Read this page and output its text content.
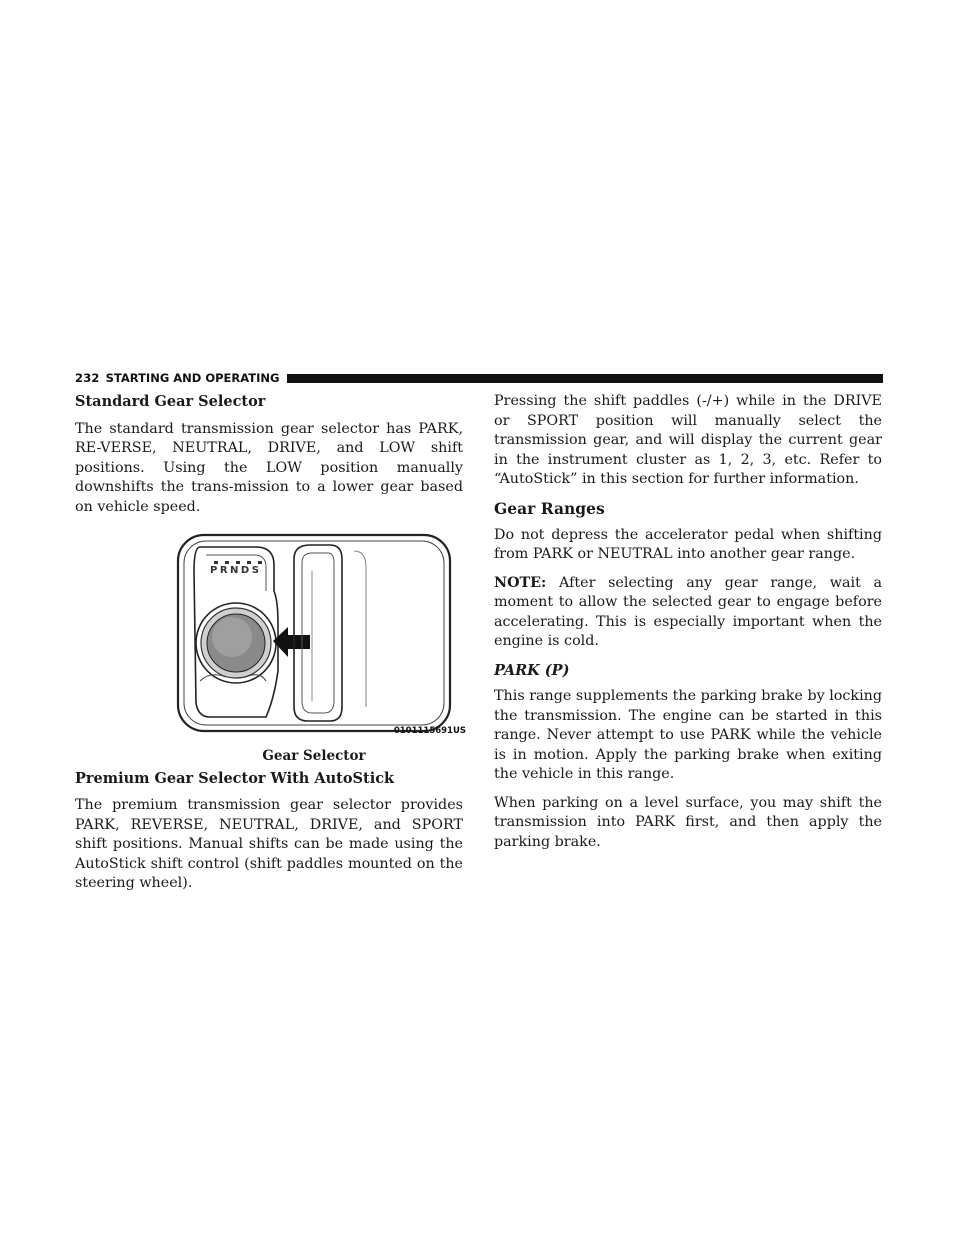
232 STARTING AND OPERATING
Standard Gear Selector

The standard transmission gear selector has PARK, RE-VERSE, NEUTRAL, DRIVE, and LOW shift positions. Using the LOW position manually downshifts the trans-mission to a lower gear based on vehicle speed.

PRNDS
0101115691US
Gear Selector
Premium Gear Selector With AutoStick

The premium transmission gear selector provides PARK, REVERSE, NEUTRAL, DRIVE, and SPORT shift positions. Manual shifts can be made using the AutoStick shift control (shift paddles mounted on the steering wheel).

Pressing the shift paddles (-/+) while in the DRIVE or SPORT position will manually select the transmission gear, and will display the current gear in the instrument cluster as 1, 2, 3, etc. Refer to “AutoStick” in this section for further information.

Gear Ranges

Do not depress the accelerator pedal when shifting from PARK or NEUTRAL into another gear range.

NOTE: After selecting any gear range, wait a moment to allow the selected gear to engage before accelerating. This is especially important when the engine is cold.

PARK (P)

This range supplements the parking brake by locking the transmission. The engine can be started in this range. Never attempt to use PARK while the vehicle is in motion. Apply the parking brake when exiting the vehicle in this range.

When parking on a level surface, you may shift the transmission into PARK first, and then apply the parking brake.
